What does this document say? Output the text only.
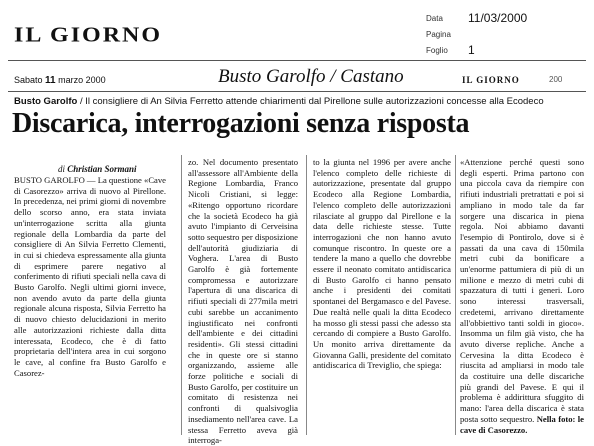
IL GIORNO
Data	11/03/2000
Pagina
Foglio	1
Sabato 11 marzo 2000	Busto Garolfo / Castano	IL GIORNO	200
Busto Garolfo / Il consigliere di An Silvia Ferretto attende chiarimenti dal Pirellone sulle autorizzazioni concesse alla Ecodeco
Discarica, interrogazioni senza risposta
di Christian Sormani
BUSTO GAROLFO — La questione «Cave di Casorezzo» arriva di nuovo al Pirellone. In precedenza, nei primi giorni di novembre dello scorso anno, era stata inviata un'interrogazione scritta alla giunta regionale della Lombardia da parte del consigliere di An Silvia Ferretto Clementi, in cui si chiedeva espressamente alla giunta di esprimere parere negativo al conferimento di rifiuti speciali nella cava di Busto Garolfo. Negli ultimi giorni invece, non avendo avuto da parte della giunta regionale alcuna risposta, Silvia Ferretto ha di nuovo chiesto delucidazioni in merito alle autorizzazioni richieste dalla ditta interessata, Ecodeco, che è di fatto proprietaria dell'intera area in cui sorgono le cave, al confine fra Busto Garolfo e Casorez-
zo. Nel documento presentato all'assessore all'Ambiente della Regione Lombardia, Franco Nicoli Cristiani, si legge: «Ritengo opportuno ricordare che la società Ecodeco ha già avuto l'impianto di Cerveisina sotto sequestro per disposizione dell'autorità giudiziaria di Voghera. L'area di Busto Garolfo è già fortemente compromessa e autorizzare l'apertura di una discarica di rifiuti speciali di 277mila metri cubi sarebbe un accanimento ingiustificato nei confronti dell'ambiente e dei cittadini residenti». Gli stessi cittadini che in queste ore si stanno organizzando, assieme alle forze politiche e sociali di Busto Garolfo, per costituire un comitato di resistenza nei confronti di qualsivoglia insediamento nell'area cave. La stessa Ferretto aveva già interroga-
to la giunta nel 1996 per avere anche l'elenco completo delle richieste di autorizzazione, presentate dal gruppo Ecodeco alla Regione Lombardia, l'elenco completo delle autorizzazioni rilasciate al gruppo dal Pirellone e la data delle richieste stesse. Tutte interrogazioni che non hanno avuto comunque riscontro. In queste ore a tendere la mano a quello che dovrebbe essere il neonato comitato antidiscarica di Busto Garolfo ci hanno pensato anche i presidenti dei comitati spontanei del Bergamasco e del Pavese. Due realtà nelle quali la ditta Ecodeco ha mosso gli stessi passi che adesso sta cercando di compiere a Busto Garolfo. Un monito arriva direttamente da Giovanna Galli, presidente del comitato antidiscarica di Treviglio, che spiega:
«Attenzione perché questi sono degli esperti. Prima partono con una piccola cava da riempire con rifiuti industriali pretrattati e poi si ampliano in modo tale da far sorgere una discarica in piena regola. Noi abbiamo davanti l'esempio di Pontirolo, dove si è passati da una cava di 150mila metri cubi da bonificare a un'enorme pattumiera di più di un milione e mezzo di metri cubi di spazzatura di tutti i generi. Loro sono interessi trasversali, credetemi, arrivano direttamente all'obbiettivo tanti soldi in gioco». Insomma un film già visto, che ha avuto diverse repliche. Anche a Cervesina la ditta Ecodeco è riuscita ad ampliarsi in modo tale da costituire una delle discariche più grandi del Pavese. E qui il problema è addirittura sfuggito di mano: l'area della discarica è stata posta sotto sequestro. Nella foto: le cave di Casorezzo.
